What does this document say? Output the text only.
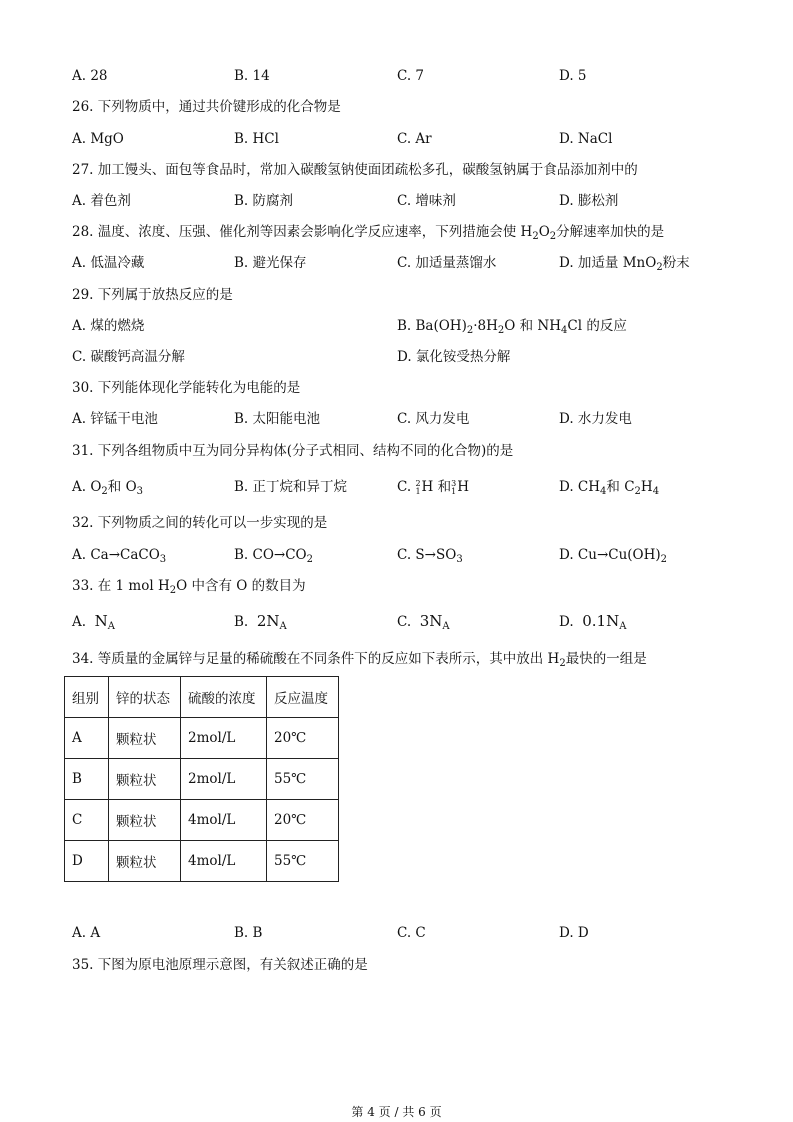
A. 28	B. 14	C. 7	D. 5
26. 下列物质中，通过共价键形成的化合物是
A. MgO	B. HCl	C. Ar	D. NaCl
27. 加工馒头、面包等食品时，常加入碳酸氢钠使面团疏松多孔，碳酸氢钠属于食品添加剂中的
A. 着色剂	B. 防腐剂	C. 增味剂	D. 膨松剂
28. 温度、浓度、压强、催化剂等因素会影响化学反应速率，下列措施会使 $H_2O_2$分解速率加快的是
A. 低温冷藏	B. 避光保存	C. 加适量蒸馏水	D. 加适量 MnO$_2$粉末
29. 下列属于放热反应的是
A. 煤的燃烧	B. $Ba(OH)_2\cdot 8H_2O$ 和 $NH_4Cl$ 的反应
C. 碳酸钙高温分解	D. 氯化铵受热分解
30. 下列能体现化学能转化为电能的是
A. 锌锰干电池	B. 太阳能电池	C. 风力发电	D. 水力发电
31. 下列各组物质中互为同分异构体(分子式相同、结构不同的化合物)的是
A. $O_2$和 $O_3$	B. 正丁烷和异丁烷	C. 2
1 H 和 3
1 H	D. $CH_4$和 $C_2H_4$
32. 下列物质之间的转化可以一步实现的是
A. Ca→CaCO$_3$	B. $CO\to CO_2$	C. $S\to SO_3$	D. $Cu\to Cu(OH)_2$
33. 在 1 mol $H_2O$ 中含有 O 的数目为
A. $N_A$	B. $2N_A$	C. $3N_A$	D. $0.1N_A$
34. 等质量的金属锌与足量的稀硫酸在不同条件下的反应如下表所示，其中放出 $H_2$最快的一组是
组别	锌的状态	硫酸的浓度	反应温度
A	颗粒状	2mol/L	20℃
B	颗粒状	2mol/L	55℃
C	颗粒状	4mol/L	20℃
D	颗粒状	4mol/L	55℃
A. A	B. B	C. C	D. D
35. 下图为原电池原理示意图，有关叙述正确的是
第 4 页 / 共 6 页
